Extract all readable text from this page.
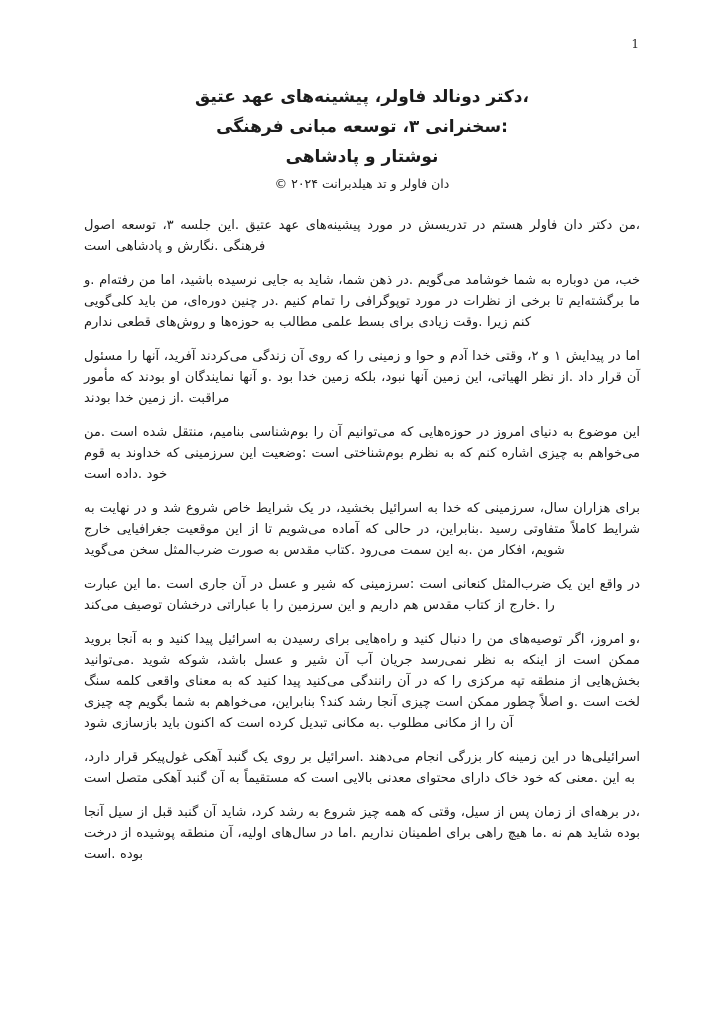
1
،دکتر دونالد فاولر، پیشینه‌های عهد عتیق
:سخنرانی ۳، توسعه مبانی فرهنگی
نوشتار و پادشاهی
دان فاولر و تد هیلدبرانت ۲۰۲۴ ©

،من دکتر دان فاولر هستم در تدریسش در مورد پیشینه‌های عهد عتیق .این جلسه ۳، توسعه اصول فرهنگی .نگارش و پادشاهی است

خب، من دوباره به شما خوشامد می‌گویم .در ذهن شما، شاید به جایی نرسیده باشید، اما من رفته‌ام .و ما برگشته‌ایم تا برخی از نظرات در مورد توپوگرافی را تمام کنیم .در چنین دوره‌ای، من باید کلی‌گویی کنم زیرا .وقت زیادی برای بسط علمی مطالب به حوزه‌ها و روش‌های قطعی ندارم

اما در پیدایش ۱ و ۲، وقتی خدا آدم و حوا و زمینی را که روی آن زندگی می‌کردند آفرید، آنها را مسئول آن قرار داد .از نظر الهیاتی، این زمین آنها نبود، بلکه زمین خدا بود .و آنها نمایندگان او بودند که مأمور مراقبت .از زمین خدا بودند

این موضوع به دنیای امروز در حوزه‌هایی که می‌توانیم آن را بوم‌شناسی بنامیم، منتقل شده است .من می‌خواهم به چیزی اشاره کنم که به نظرم بوم‌شناختی است :وضعیت این سرزمینی که خداوند به قوم خود .داده است

برای هزاران سال، سرزمینی که خدا به اسرائیل بخشید، در یک شرایط خاص شروع شد و در نهایت به شرایط کاملاً متفاوتی رسید .بنابراین، در حالی که آماده می‌شویم تا از این موقعیت جغرافیایی خارج شویم، افکار من .به این سمت می‌رود .کتاب مقدس به صورت ضرب‌المثل سخن می‌گوید

در واقع این یک ضرب‌المثل کنعانی است :سرزمینی که شیر و عسل در آن جاری است .ما این عبارت را .خارج از کتاب مقدس هم داریم و این سرزمین را با عباراتی درخشان توصیف می‌کند

،و امروز، اگر توصیه‌های من را دنبال کنید و راه‌هایی برای رسیدن به اسرائیل پیدا کنید و به آنجا بروید ممکن است از اینکه به نظر نمی‌رسد جریان آب آن شیر و عسل باشد، شوکه شوید .می‌توانید بخش‌هایی از منطقه تپه مرکزی را که در آن رانندگی می‌کنید پیدا کنید که به معنای واقعی کلمه سنگ لخت است .و اصلاً چطور ممکن است چیزی آنجا رشد کند؟ بنابراین، می‌خواهم به شما بگویم چه چیزی آن را از مکانی مطلوب .به مکانی تبدیل کرده است که اکنون باید بازسازی شود

اسرائیلی‌ها در این زمینه کار بزرگی انجام می‌دهند .اسرائیل بر روی یک گنبد آهکی غول‌پیکر قرار دارد، به این .معنی که خود خاک دارای محتوای معدنی بالایی است که مستقیماً به آن گنبد آهکی متصل است

،در برهه‌ای از زمان پس از سیل، وقتی که همه چیز شروع به رشد کرد، شاید آن گنبد قبل از سیل آنجا بوده شاید هم نه .ما هیچ راهی برای اطمینان نداریم .اما در سال‌های اولیه، آن منطقه پوشیده از درخت بوده .است
